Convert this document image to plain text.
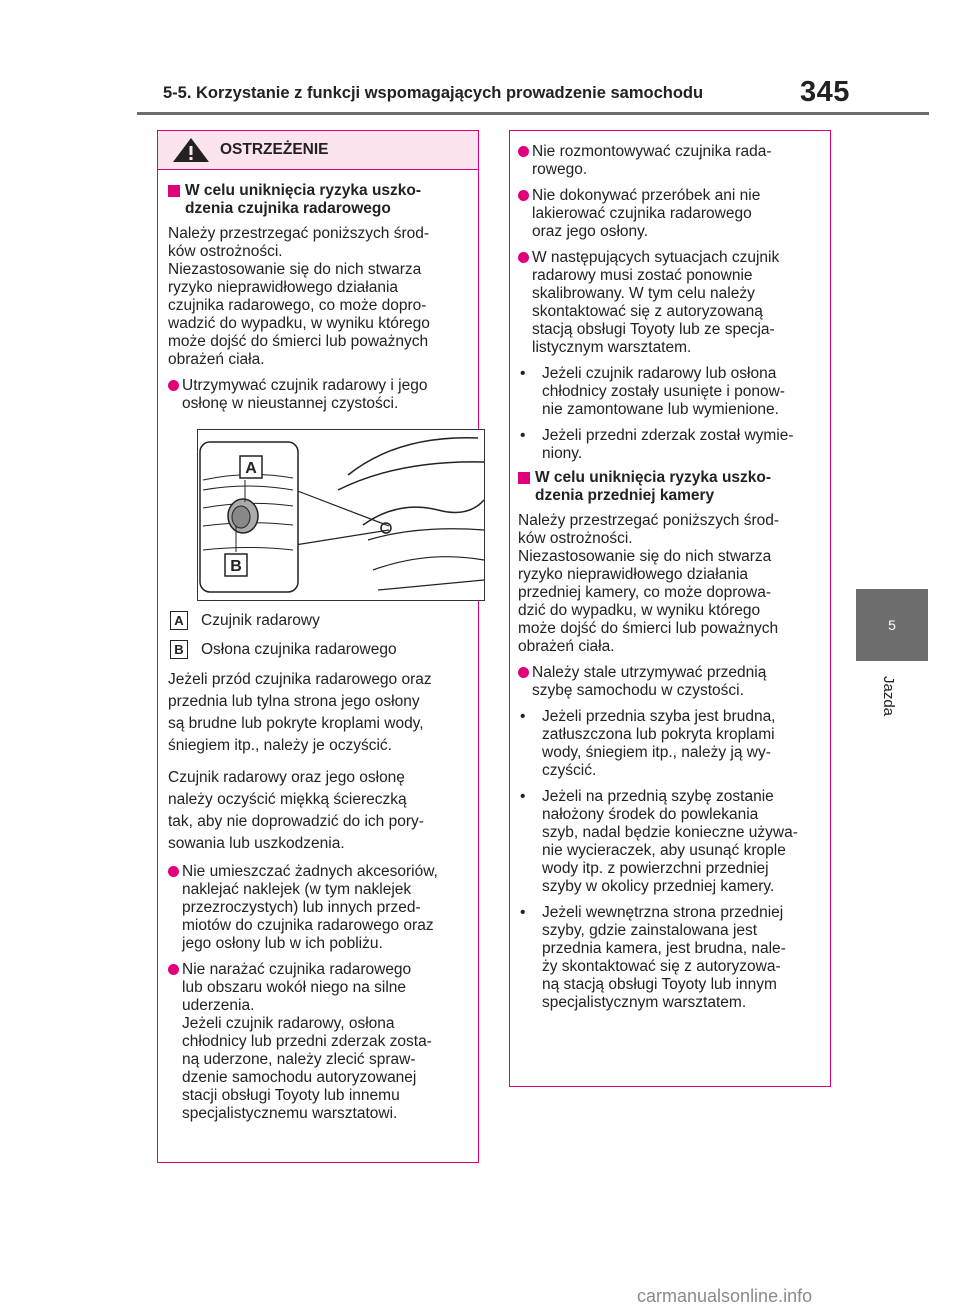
5-5. Korzystanie z funkcji wspomagających prowadzenie samochodu	345
5
Jazda
OSTRZEŻENIE
W celu uniknięcia ryzyka uszko-
dzenia czujnika radarowego
Należy przestrzegać poniższych środ-
ków ostrożności.
Niezastosowanie się do nich stwarza
ryzyko nieprawidłowego działania
czujnika radarowego, co może dopro-
wadzić do wypadku, w wyniku którego
może dojść do śmierci lub poważnych
obrażeń ciała.
Utrzymywać czujnik radarowy i jego
osłonę w nieustannej czystości.
A
B
A Czujnik radarowy
B Osłona czujnika radarowego
Jeżeli przód czujnika radarowego oraz
przednia lub tylna strona jego osłony
są brudne lub pokryte kroplami wody,
śniegiem itp., należy je oczyścić.
Czujnik radarowy oraz jego osłonę
należy oczyścić miękką ściereczką
tak, aby nie doprowadzić do ich pory-
sowania lub uszkodzenia.
Nie umieszczać żadnych akcesoriów,
naklejać naklejek (w tym naklejek
przezroczystych) lub innych przed-
miotów do czujnika radarowego oraz
jego osłony lub w ich pobliżu.
Nie narażać czujnika radarowego
lub obszaru wokół niego na silne
uderzenia.
Jeżeli czujnik radarowy, osłona
chłodnicy lub przedni zderzak zosta-
ną uderzone, należy zlecić spraw-
dzenie samochodu autoryzowanej
stacji obsługi Toyoty lub innemu
specjalistycznemu warsztatowi.
Nie rozmontowywać czujnika rada-
rowego.
Nie dokonywać przeróbek ani nie
lakierować czujnika radarowego
oraz jego osłony.
W następujących sytuacjach czujnik
radarowy musi zostać ponownie
skalibrowany. W tym celu należy
skontaktować się z autoryzowaną
stacją obsługi Toyoty lub ze specja-
listycznym warsztatem.
•	Jeżeli czujnik radarowy lub osłona
chłodnicy zostały usunięte i ponow-
nie zamontowane lub wymienione.
•	Jeżeli przedni zderzak został wymie-
niony.
W celu uniknięcia ryzyka uszko-
dzenia przedniej kamery
Należy przestrzegać poniższych środ-
ków ostrożności.
Niezastosowanie się do nich stwarza
ryzyko nieprawidłowego działania
przedniej kamery, co może doprowa-
dzić do wypadku, w wyniku którego
może dojść do śmierci lub poważnych
obrażeń ciała.
Należy stale utrzymywać przednią
szybę samochodu w czystości.
•	Jeżeli przednia szyba jest brudna,
zatłuszczona lub pokryta kroplami
wody, śniegiem itp., należy ją wy-
czyścić.
•	Jeżeli na przednią szybę zostanie
nałożony środek do powlekania
szyb, nadal będzie konieczne używa-
nie wycieraczek, aby usunąć krople
wody itp. z powierzchni przedniej
szyby w okolicy przedniej kamery.
•	Jeżeli wewnętrzna strona przedniej
szyby, gdzie zainstalowana jest
przednia kamera, jest brudna, nale-
ży skontaktować się z autoryzowa-
ną stacją obsługi Toyoty lub innym
specjalistycznym warsztatem.
carmanualsonline.info
